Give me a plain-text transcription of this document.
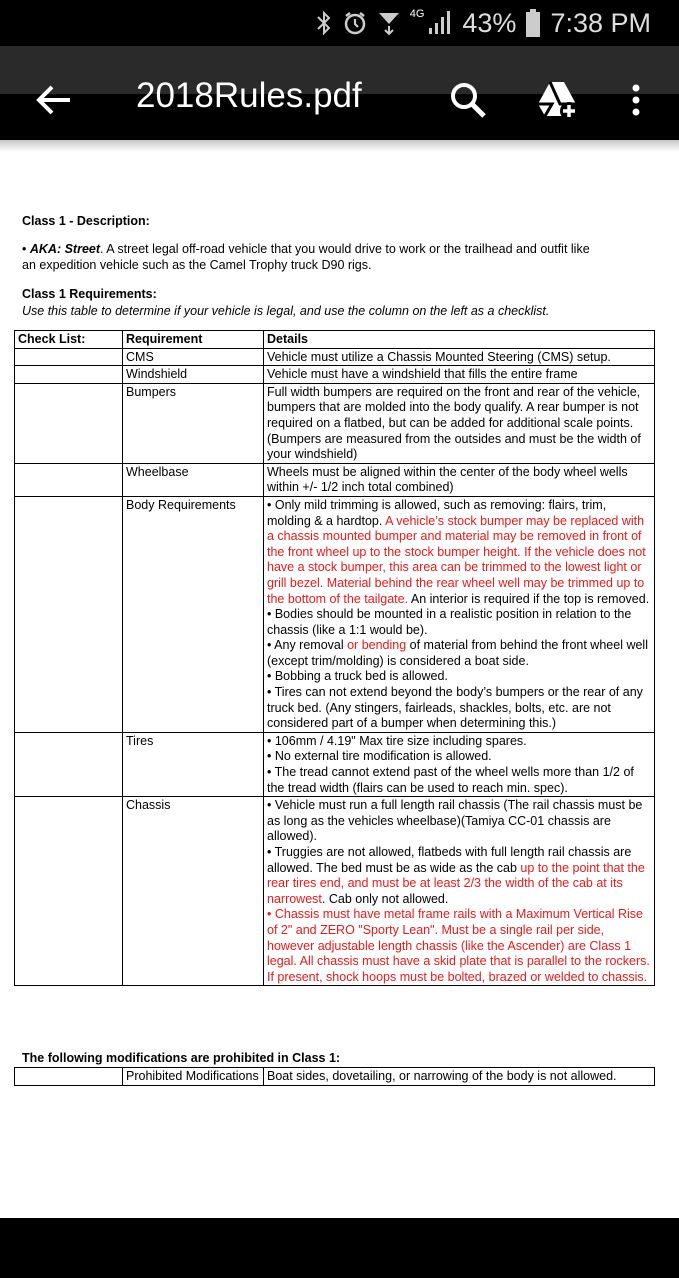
4G 43% 7:38 PM
2018Rules.pdf
Class 1 - Description:
• AKA: Street. A street legal off-road vehicle that you would drive to work or the trailhead and outfit like
an expedition vehicle such as the Camel Trophy truck D90 rigs.
Class 1 Requirements:
Use this table to determine if your vehicle is legal, and use the column on the left as a checklist.
Check List:	Requirement	Details
	CMS	Vehicle must utilize a Chassis Mounted Steering (CMS) setup.
	Windshield	Vehicle must have a windshield that fills the entire frame
	Bumpers	Full width bumpers are required on the front and rear of the vehicle, bumpers that are molded into the body qualify. A rear bumper is not required on a flatbed, but can be added for additional scale points. (Bumpers are measured from the outsides and must be the width of your windshield)
	Wheelbase	Wheels must be aligned within the center of the body wheel wells within +/- 1/2 inch total combined)
	Body Requirements	• Only mild trimming is allowed, such as removing: flairs, trim, molding & a hardtop. A vehicle’s stock bumper may be replaced with a chassis mounted bumper and material may be removed in front of the front wheel up to the stock bumper height. If the vehicle does not have a stock bumper, this area can be trimmed to the lowest light or grill bezel. Material behind the rear wheel well may be trimmed up to the bottom of the tailgate. An interior is required if the top is removed.
• Bodies should be mounted in a realistic position in relation to the chassis (like a 1:1 would be).
• Any removal or bending of material from behind the front wheel well (except trim/molding) is considered a boat side.
• Bobbing a truck bed is allowed.
• Tires can not extend beyond the body’s bumpers or the rear of any truck bed. (Any stingers, fairleads, shackles, bolts, etc. are not considered part of a bumper when determining this.)
	Tires	• 106mm / 4.19" Max tire size including spares.
• No external tire modification is allowed.
• The tread cannot extend past of the wheel wells more than 1/2 of the tread width (flairs can be used to reach min. spec).
	Chassis	• Vehicle must run a full length rail chassis (The rail chassis must be as long as the vehicles wheelbase)(Tamiya CC-01 chassis are allowed).
• Truggies are not allowed, flatbeds with full length rail chassis are allowed. The bed must be as wide as the cab up to the point that the rear tires end, and must be at least 2/3 the width of the cab at its narrowest. Cab only not allowed.
• Chassis must have metal frame rails with a Maximum Vertical Rise of 2" and ZERO "Sporty Lean". Must be a single rail per side, however adjustable length chassis (like the Ascender) are Class 1 legal. All chassis must have a skid plate that is parallel to the rockers. If present, shock hoops must be bolted, brazed or welded to chassis.
The following modifications are prohibited in Class 1:
	Prohibited Modifications	Boat sides, dovetailing, or narrowing of the body is not allowed.
